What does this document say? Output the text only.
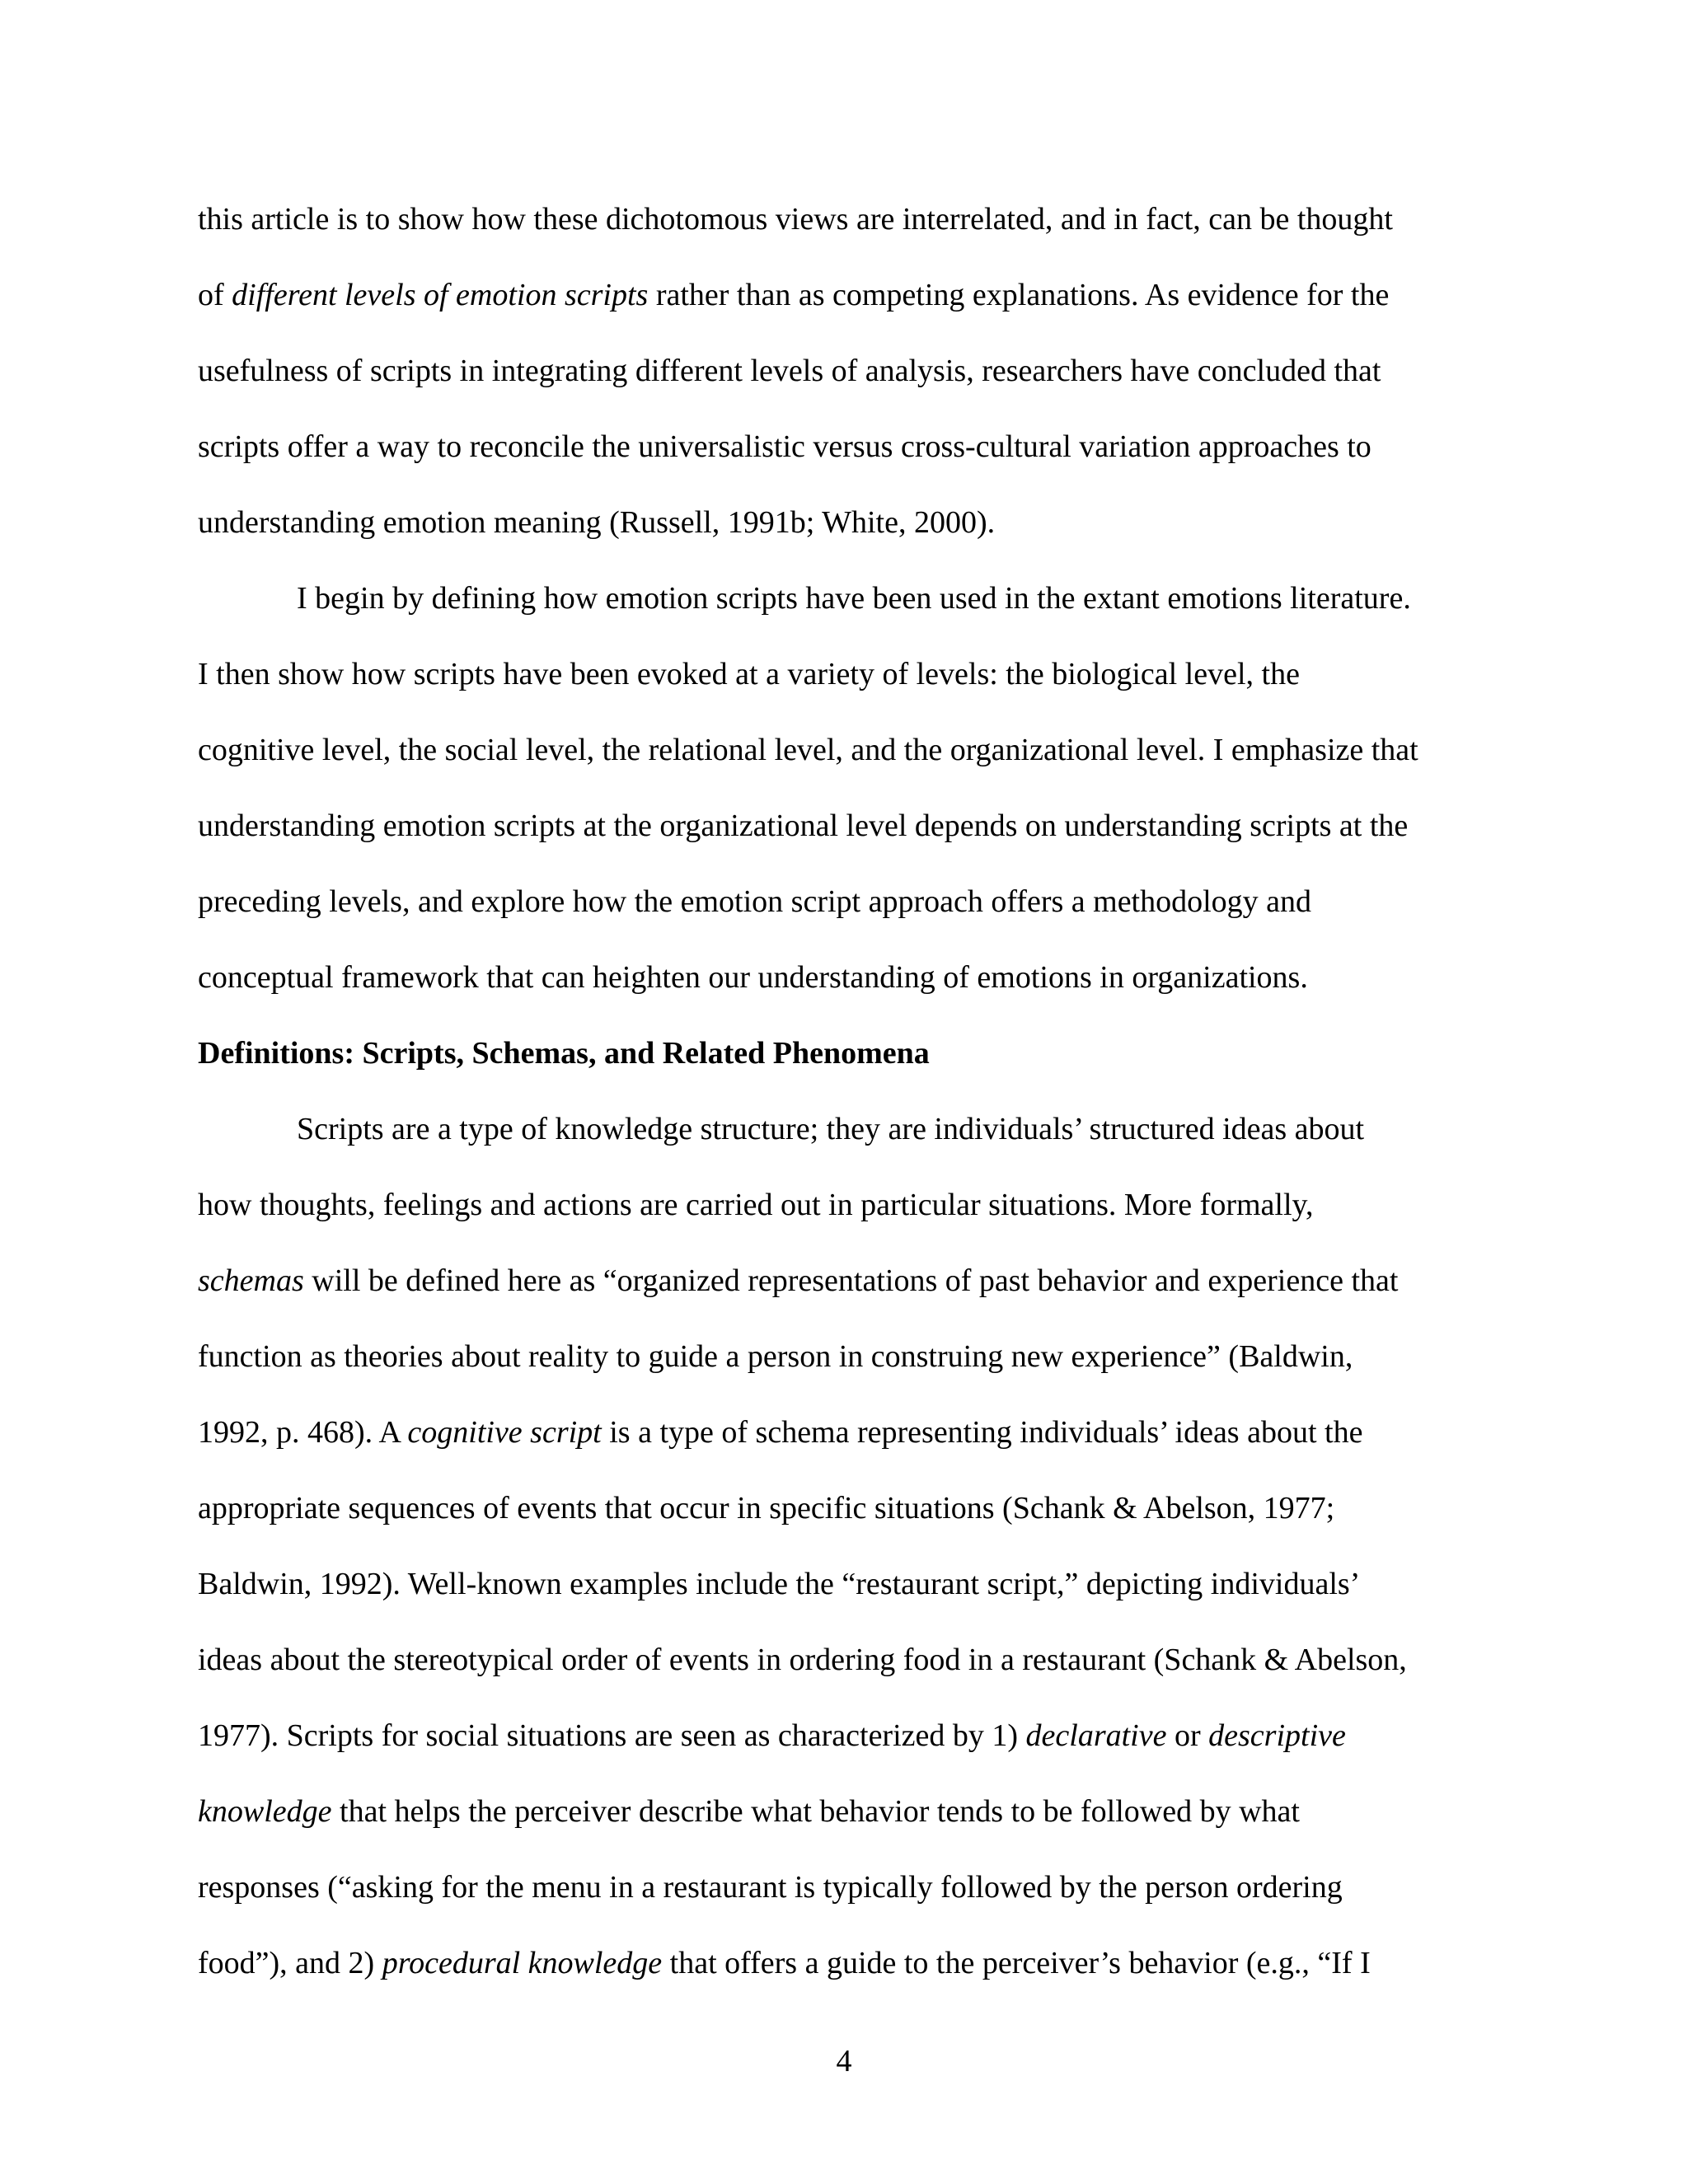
this article is to show how these dichotomous views are interrelated, and in fact, can be thought
of different levels of emotion scripts rather than as competing explanations. As evidence for the
usefulness of scripts in integrating different levels of analysis, researchers have concluded that
scripts offer a way to reconcile the universalistic versus cross-cultural variation approaches to
understanding emotion meaning (Russell, 1991b; White, 2000).
I begin by defining how emotion scripts have been used in the extant emotions literature.
I then show how scripts have been evoked at a variety of levels: the biological level, the
cognitive level, the social level, the relational level, and the organizational level. I emphasize that
understanding emotion scripts at the organizational level depends on understanding scripts at the
preceding levels, and explore how the emotion script approach offers a methodology and
conceptual framework that can heighten our understanding of emotions in organizations.
Definitions: Scripts, Schemas, and Related Phenomena
Scripts are a type of knowledge structure; they are individuals’ structured ideas about
how thoughts, feelings and actions are carried out in particular situations. More formally,
schemas will be defined here as “organized representations of past behavior and experience that
function as theories about reality to guide a person in construing new experience” (Baldwin,
1992, p. 468). A cognitive script is a type of schema representing individuals’ ideas about the
appropriate sequences of events that occur in specific situations (Schank & Abelson, 1977;
Baldwin, 1992). Well-known examples include the “restaurant script,” depicting individuals’
ideas about the stereotypical order of events in ordering food in a restaurant (Schank & Abelson,
1977). Scripts for social situations are seen as characterized by 1) declarative or descriptive
knowledge that helps the perceiver describe what behavior tends to be followed by what
responses (“asking for the menu in a restaurant is typically followed by the person ordering
food”), and 2) procedural knowledge that offers a guide to the perceiver’s behavior (e.g., “If I
4
